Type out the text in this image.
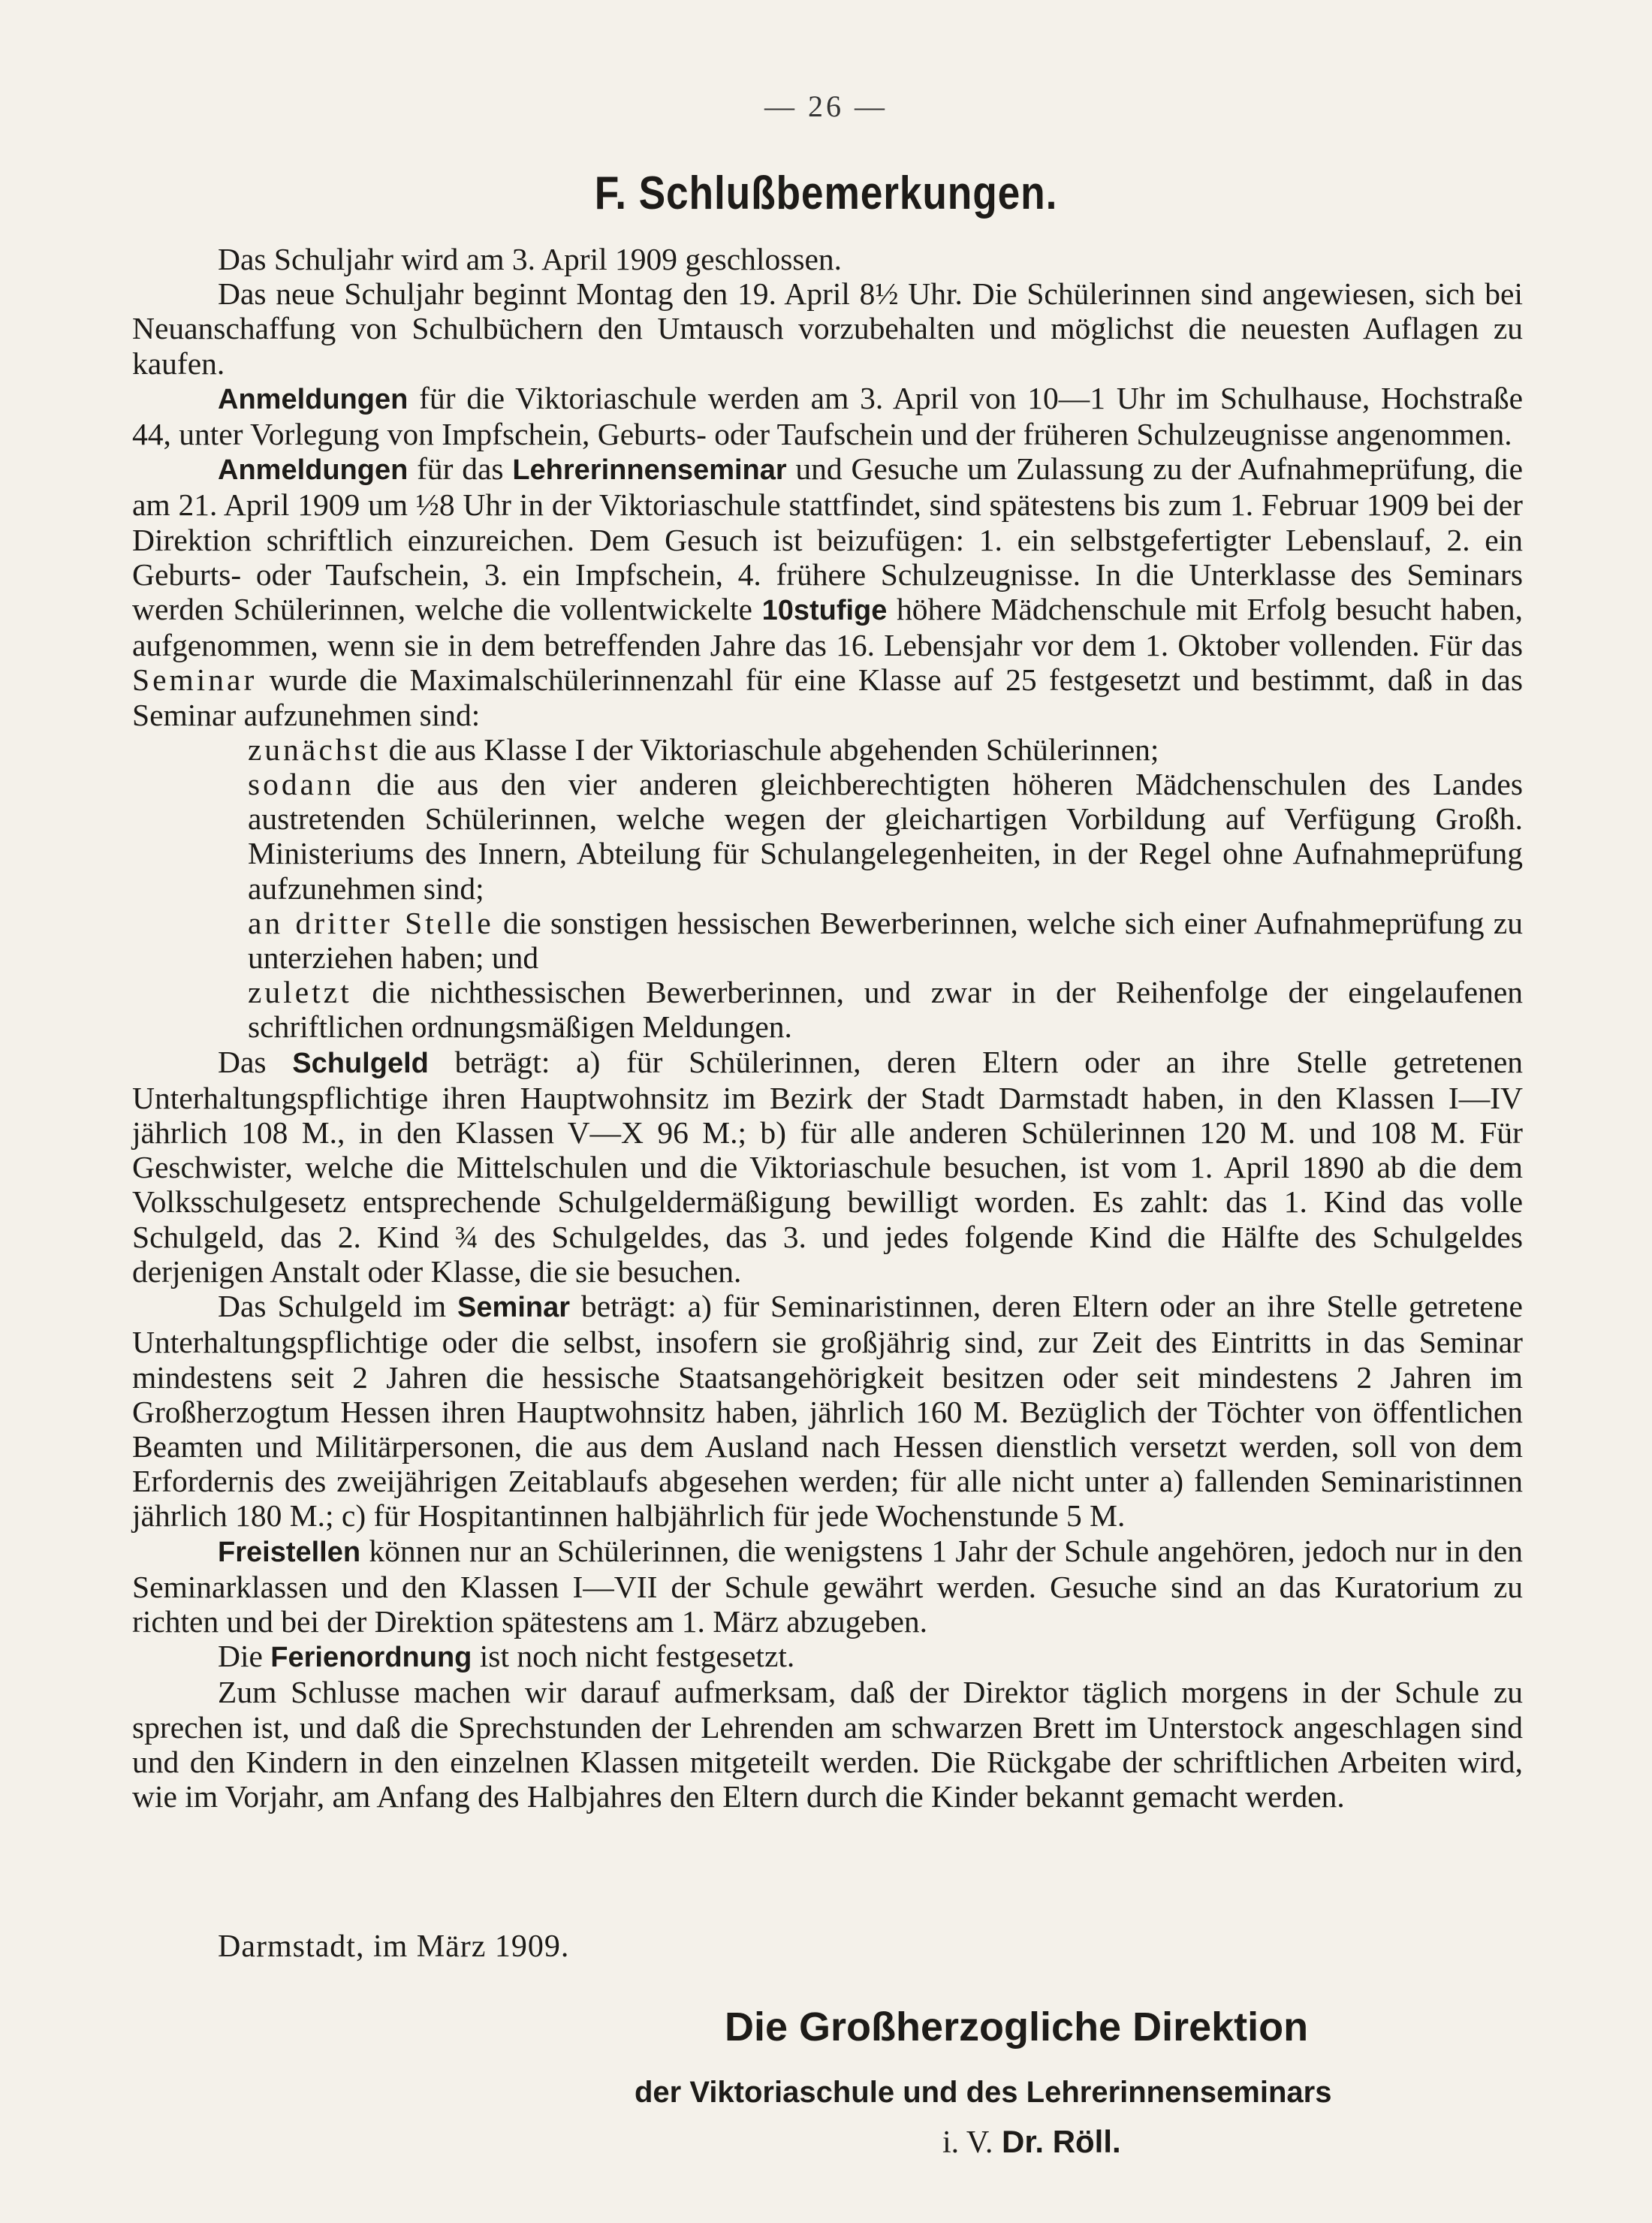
— 26 —
F. Schlußbemerkungen.

Das Schuljahr wird am 3. April 1909 geschlossen.

Das neue Schuljahr beginnt Montag den 19. April 8½ Uhr. Die Schülerinnen sind angewiesen, sich bei Neuanschaffung von Schulbüchern den Umtausch vorzubehalten und möglichst die neuesten Auflagen zu kaufen.

Anmeldungen für die Viktoriaschule werden am 3. April von 10—1 Uhr im Schulhause, Hochstraße 44, unter Vorlegung von Impfschein, Geburts- oder Taufschein und der früheren Schulzeugnisse angenommen.

Anmeldungen für das Lehrerinnenseminar und Gesuche um Zulassung zu der Aufnahmeprüfung, die am 21. April 1909 um ½8 Uhr in der Viktoriaschule stattfindet, sind spätestens bis zum 1. Februar 1909 bei der Direktion schriftlich einzureichen. Dem Gesuch ist beizufügen: 1. ein selbstgefertigter Lebenslauf, 2. ein Geburts- oder Taufschein, 3. ein Impfschein, 4. frühere Schulzeugnisse. In die Unterklasse des Seminars werden Schülerinnen, welche die vollentwickelte 10stufige höhere Mädchenschule mit Erfolg besucht haben, aufgenommen, wenn sie in dem betreffenden Jahre das 16. Lebensjahr vor dem 1. Oktober vollenden. Für das Seminar wurde die Maximalschülerinnenzahl für eine Klasse auf 25 festgesetzt und bestimmt, daß in das Seminar aufzunehmen sind:

zunächst die aus Klasse I der Viktoriaschule abgehenden Schülerinnen;
sodann die aus den vier anderen gleichberechtigten höheren Mädchenschulen des Landes austretenden Schülerinnen, welche wegen der gleichartigen Vorbildung auf Verfügung Großh. Ministeriums des Innern, Abteilung für Schulangelegenheiten, in der Regel ohne Aufnahmeprüfung aufzunehmen sind;
an dritter Stelle die sonstigen hessischen Bewerberinnen, welche sich einer Aufnahmeprüfung zu unterziehen haben; und
zuletzt die nichthessischen Bewerberinnen, und zwar in der Reihenfolge der eingelaufenen schriftlichen ordnungsmäßigen Meldungen.

Das Schulgeld beträgt: a) für Schülerinnen, deren Eltern oder an ihre Stelle getretenen Unterhaltungspflichtige ihren Hauptwohnsitz im Bezirk der Stadt Darmstadt haben, in den Klassen I—IV jährlich 108 M., in den Klassen V—X 96 M.; b) für alle anderen Schülerinnen 120 M. und 108 M. Für Geschwister, welche die Mittelschulen und die Viktoriaschule besuchen, ist vom 1. April 1890 ab die dem Volksschulgesetz entsprechende Schulgeldermäßigung bewilligt worden. Es zahlt: das 1. Kind das volle Schulgeld, das 2. Kind ¾ des Schulgeldes, das 3. und jedes folgende Kind die Hälfte des Schulgeldes derjenigen Anstalt oder Klasse, die sie besuchen.

Das Schulgeld im Seminar beträgt: a) für Seminaristinnen, deren Eltern oder an ihre Stelle getretene Unterhaltungspflichtige oder die selbst, insofern sie großjährig sind, zur Zeit des Eintritts in das Seminar mindestens seit 2 Jahren die hessische Staatsangehörigkeit besitzen oder seit mindestens 2 Jahren im Großherzogtum Hessen ihren Hauptwohnsitz haben, jährlich 160 M. Bezüglich der Töchter von öffentlichen Beamten und Militärpersonen, die aus dem Ausland nach Hessen dienstlich versetzt werden, soll von dem Erfordernis des zweijährigen Zeitablaufs abgesehen werden; für alle nicht unter a) fallenden Seminaristinnen jährlich 180 M.; c) für Hospitantinnen halbjährlich für jede Wochenstunde 5 M.

Freistellen können nur an Schülerinnen, die wenigstens 1 Jahr der Schule angehören, jedoch nur in den Seminarklassen und den Klassen I—VII der Schule gewährt werden. Gesuche sind an das Kuratorium zu richten und bei der Direktion spätestens am 1. März abzugeben.

Die Ferienordnung ist noch nicht festgesetzt.

Zum Schlusse machen wir darauf aufmerksam, daß der Direktor täglich morgens in der Schule zu sprechen ist, und daß die Sprechstunden der Lehrenden am schwarzen Brett im Unterstock angeschlagen sind und den Kindern in den einzelnen Klassen mitgeteilt werden. Die Rückgabe der schriftlichen Arbeiten wird, wie im Vorjahr, am Anfang des Halbjahres den Eltern durch die Kinder bekannt gemacht werden.

Darmstadt, im März 1909.
Die Großherzogliche Direktion
der Viktoriaschule und des Lehrerinnenseminars
i. V. Dr. Röll.
